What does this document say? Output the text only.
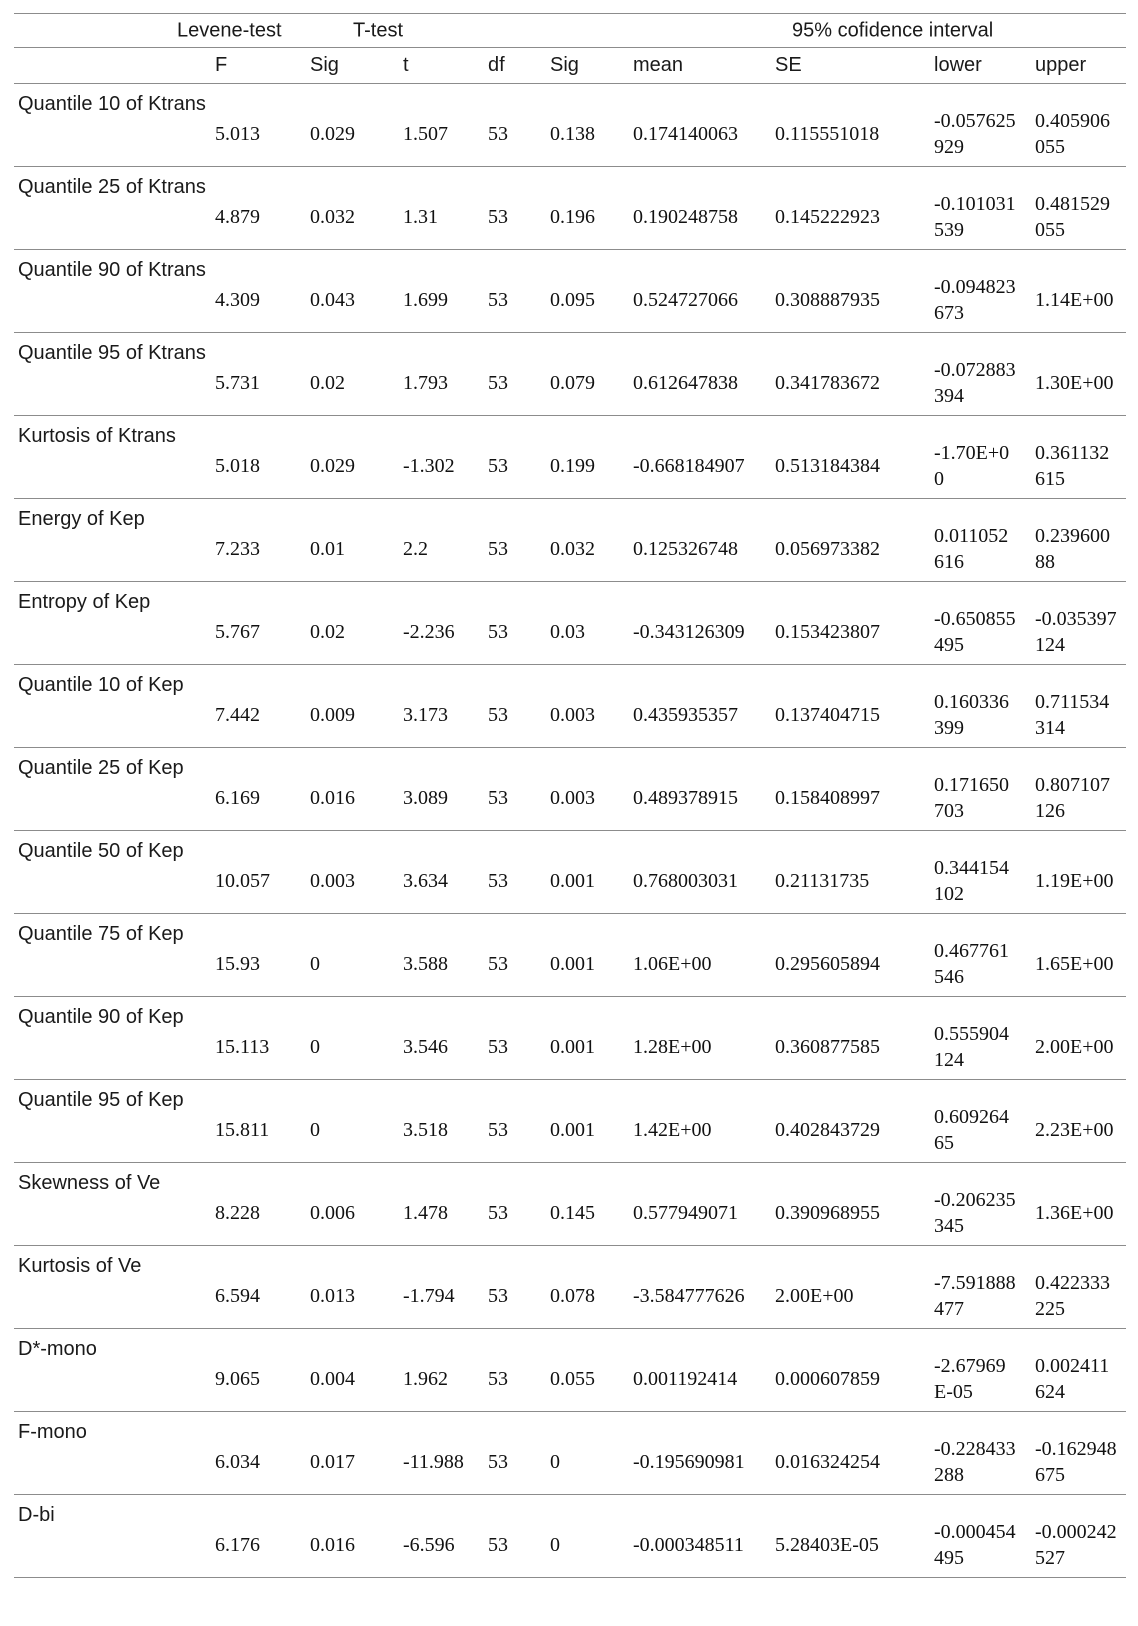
Levene-test T-test 95% cofidence interval									

	F	Sig	t	df	Sig	mean	SE	lower	upper
Quantile 10 of Ktrans	5.013	0.029	1.507	53	0.138	0.174140063	0.115551018	-0.057625929	0.405906055
Quantile 25 of Ktrans	4.879	0.032	1.31	53	0.196	0.190248758	0.145222923	-0.101031539	0.481529055
Quantile 90 of Ktrans	4.309	0.043	1.699	53	0.095	0.524727066	0.308887935	-0.094823673	1.14E+00
Quantile 95 of Ktrans	5.731	0.02	1.793	53	0.079	0.612647838	0.341783672	-0.072883394	1.30E+00
Kurtosis of Ktrans	5.018	0.029	-1.302	53	0.199	-0.668184907	0.513184384	-1.70E+00	0.361132615
Energy of Kep	7.233	0.01	2.2	53	0.032	0.125326748	0.056973382	0.011052616	0.23960088
Entropy of Kep	5.767	0.02	-2.236	53	0.03	-0.343126309	0.153423807	-0.650855495	-0.035397124
Quantile 10 of Kep	7.442	0.009	3.173	53	0.003	0.435935357	0.137404715	0.160336399	0.711534314
Quantile 25 of Kep	6.169	0.016	3.089	53	0.003	0.489378915	0.158408997	0.171650703	0.807107126
Quantile 50 of Kep	10.057	0.003	3.634	53	0.001	0.768003031	0.21131735	0.344154102	1.19E+00
Quantile 75 of Kep	15.93	0	3.588	53	0.001	1.06E+00	0.295605894	0.467761546	1.65E+00
Quantile 90 of Kep	15.113	0	3.546	53	0.001	1.28E+00	0.360877585	0.555904124	2.00E+00
Quantile 95 of Kep	15.811	0	3.518	53	0.001	1.42E+00	0.402843729	0.60926465	2.23E+00
Skewness of Ve	8.228	0.006	1.478	53	0.145	0.577949071	0.390968955	-0.206235345	1.36E+00
Kurtosis of Ve	6.594	0.013	-1.794	53	0.078	-3.584777626	2.00E+00	-7.591888477	0.422333225
D*-mono	9.065	0.004	1.962	53	0.055	0.001192414	0.000607859	-2.67969E-05	0.002411624
F-mono	6.034	0.017	-11.988	53	0	-0.195690981	0.016324254	-0.228433288	-0.162948675
D-bi	6.176	0.016	-6.596	53	0	-0.000348511	5.28403E-05	-0.000454495	-0.000242527
